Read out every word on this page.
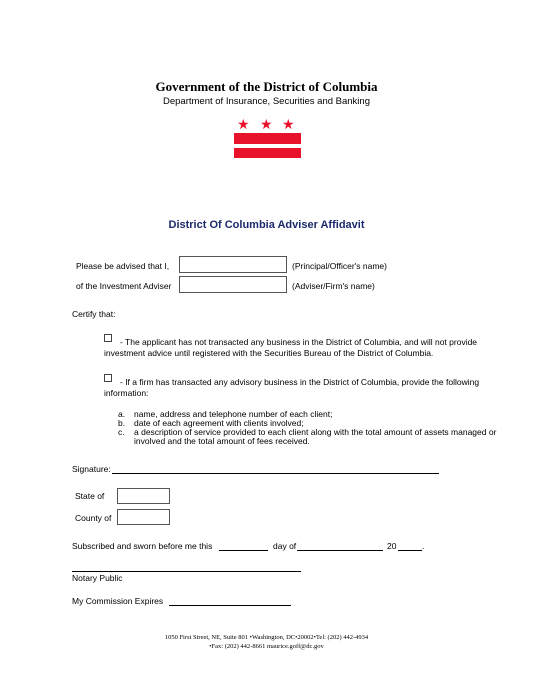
Government of the District of Columbia
Department of Insurance, Securities and Banking
★ ★ ★
District Of Columbia Adviser Affidavit
Please be advised that I,	(Principal/Officer's name)
of the Investment Adviser	(Adviser/Firm's name)
Certify that:
- The applicant has not transacted any business in the District of Columbia, and will not provide investment advice until registered with the Securities Bureau of the District of Columbia.
- If a firm has transacted any advisory business in the District of Columbia, provide the following information:
a.	name, address and telephone number of each client;
b.	date of each agreement with clients involved;
c.	a description of service provided to each client along with the total amount of assets managed or involved and the total amount of fees received.
Signature:
State of
County of
Subscribed and sworn before me this	day of	20	.
Notary Public
My Commission Expires
1050 First Street, NE, Suite 801 •Washington, DC•20002•Tel: (202) 442-4934
•Fax: (202) 442-8661 maurice.goff@dc.gov
